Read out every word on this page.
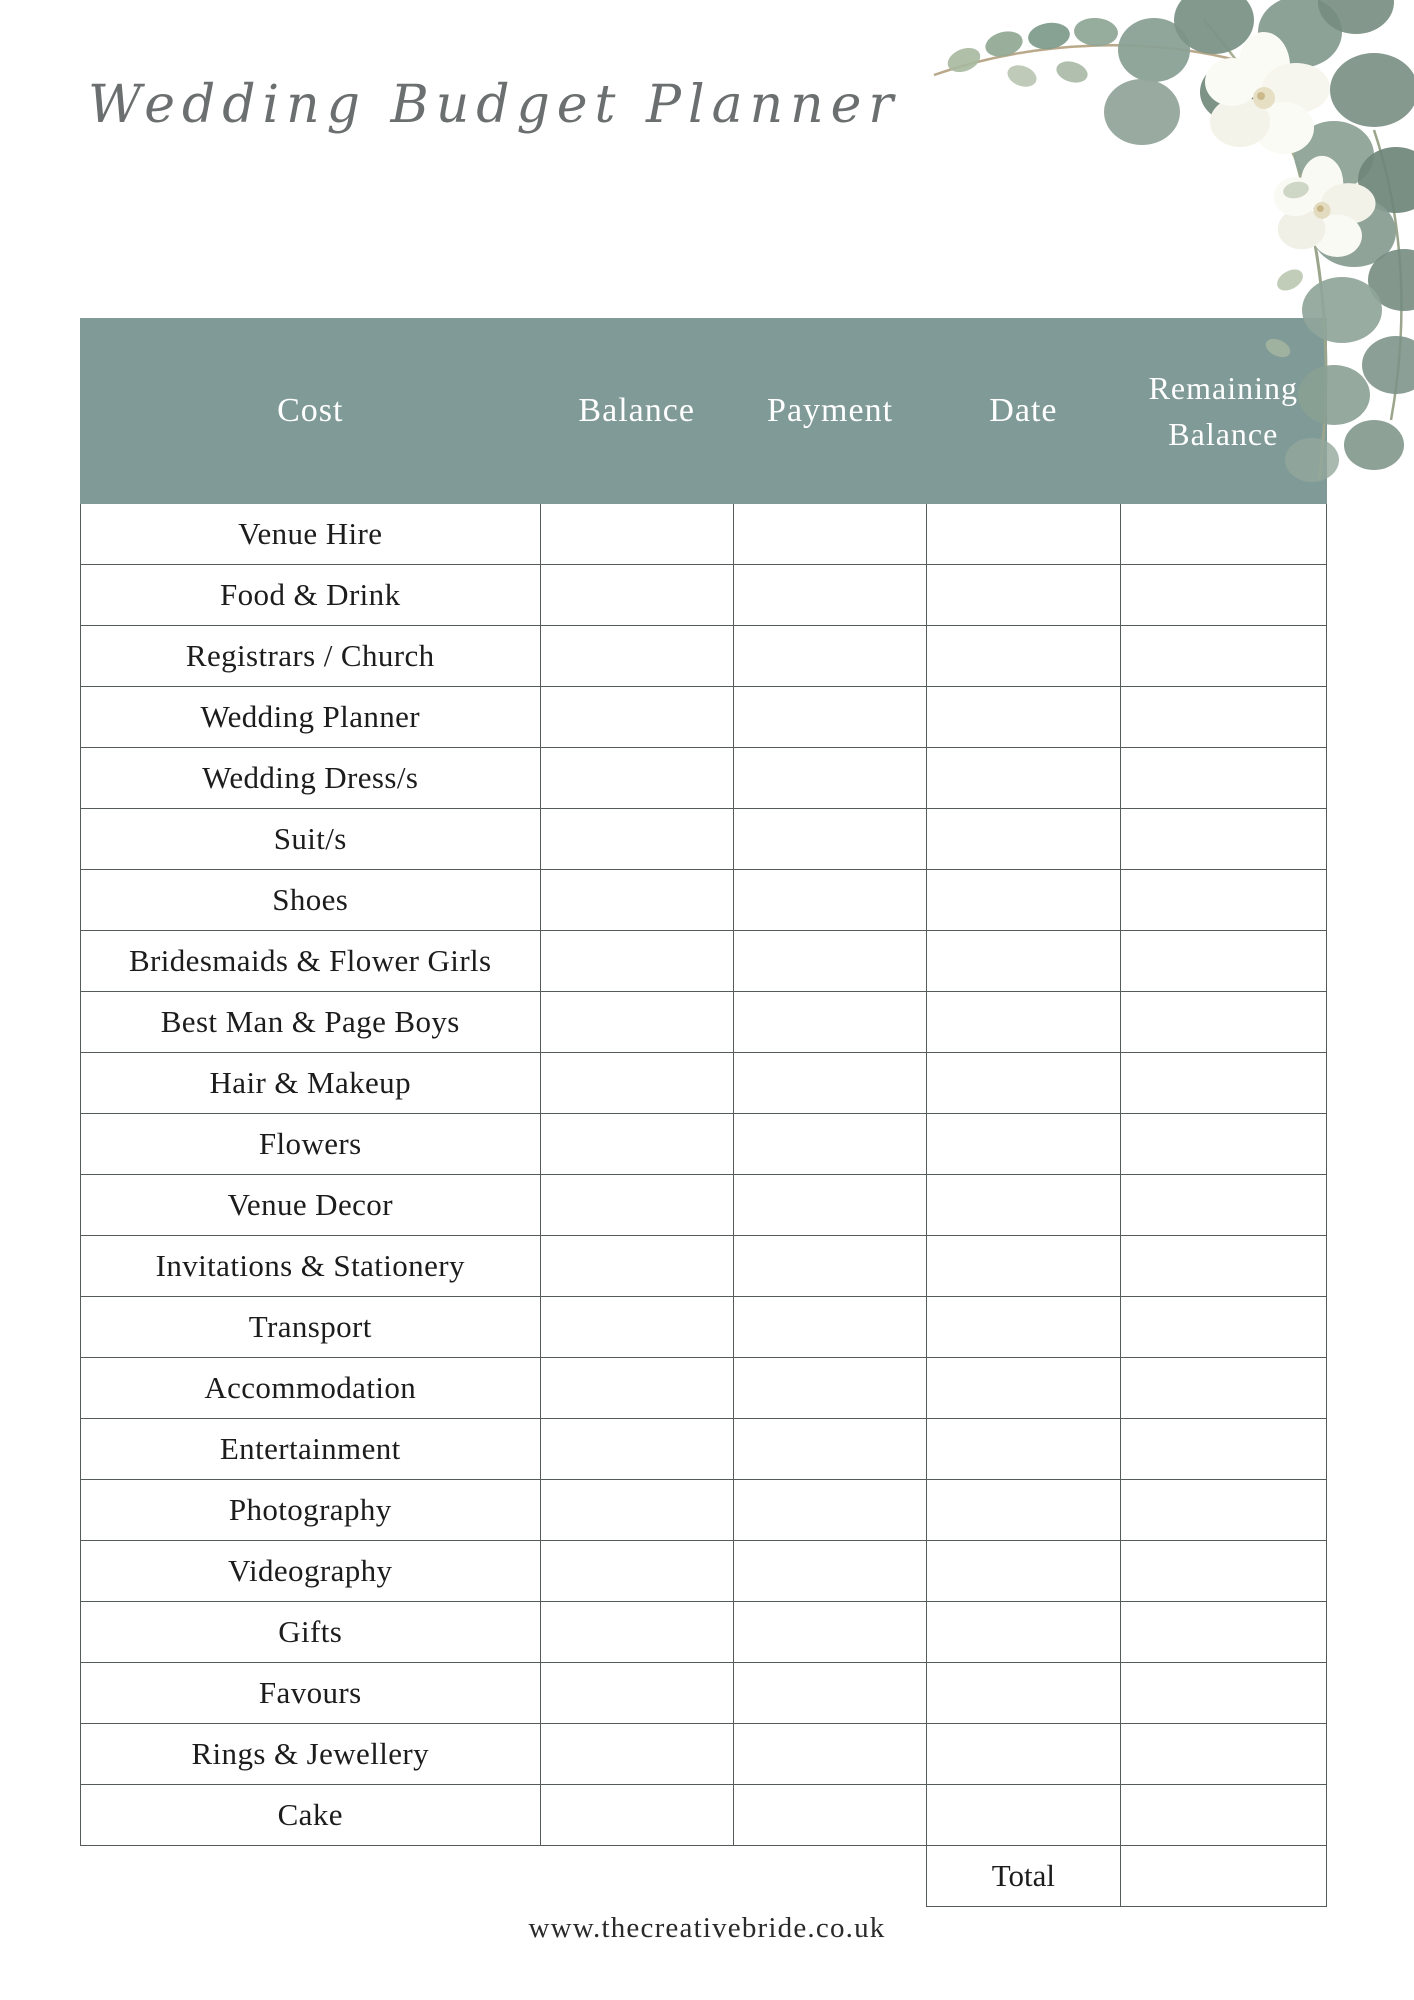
Wedding Budget Planner
Cost	Balance	Payment	Date	Remaining Balance
Venue Hire				
Food & Drink				
Registrars / Church				
Wedding Planner				
Wedding Dress/s				
Suit/s				
Shoes				
Bridesmaids & Flower Girls				
Best Man & Page Boys				
Hair & Makeup				
Flowers				
Venue Decor				
Invitations & Stationery				
Transport				
Accommodation				
Entertainment				
Photography				
Videography				
Gifts				
Favours				
Rings & Jewellery				
Cake				
			Total	
www.thecreativebride.co.uk
